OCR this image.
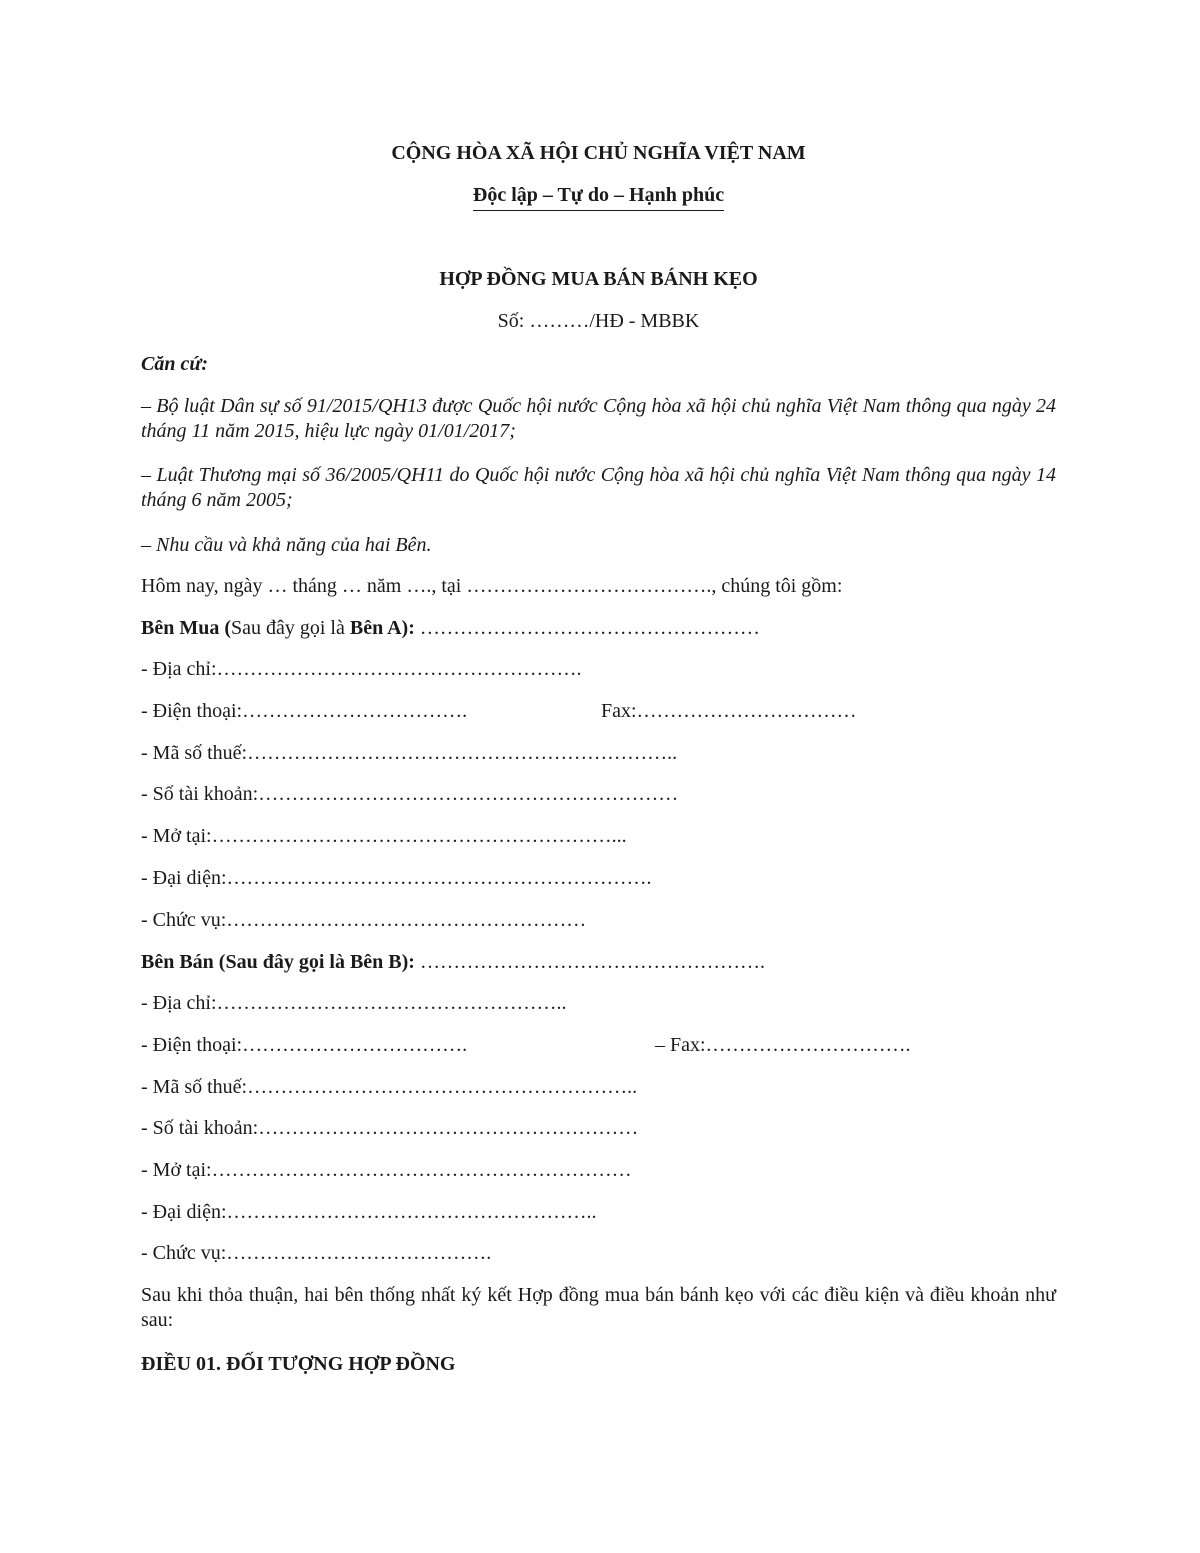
CỘNG HÒA XÃ HỘI CHỦ NGHĨA VIỆT NAM
Độc lập – Tự do – Hạnh phúc
HỢP ĐỒNG MUA BÁN BÁNH KẸO
Số: ………/HĐ - MBBK
Căn cứ:
– Bộ luật Dân sự số 91/2015/QH13 được Quốc hội nước Cộng hòa xã hội chủ nghĩa Việt Nam thông qua ngày 24 tháng 11 năm 2015, hiệu lực ngày 01/01/2017;
– Luật Thương mại số 36/2005/QH11 do Quốc hội nước Cộng hòa xã hội chủ nghĩa Việt Nam thông qua ngày 14 tháng 6 năm 2005;
– Nhu cầu và khả năng của hai Bên.
Hôm nay, ngày … tháng … năm …., tại ………………………………., chúng tôi gồm:
Bên Mua (Sau đây gọi là Bên A): ……………………………………………
- Địa chỉ:……………………………………………….
- Điện thoại:…………………………….	Fax:……………………………
- Mã số thuế:………………………………………………………..
- Số tài khoản:………………………………………………………
- Mở tại:……………………………………………………...
- Đại diện:……………………………………………………….
- Chức vụ:………………………………………………
Bên Bán (Sau đây gọi là Bên B): …………………………………………….
- Địa chỉ:……………………………………………..
- Điện thoại:…………………………….	– Fax:………………………….
- Mã số thuế:…………………………………………………..
- Số tài khoản:…………………………………………………
- Mở tại:………………………………………………………
- Đại diện:………………………………………………..
- Chức vụ:………………………………….
Sau khi thỏa thuận, hai bên thống nhất ký kết Hợp đồng mua bán bánh kẹo với các điều kiện và điều khoản như sau:
ĐIỀU 01. ĐỐI TƯỢNG HỢP ĐỒNG
